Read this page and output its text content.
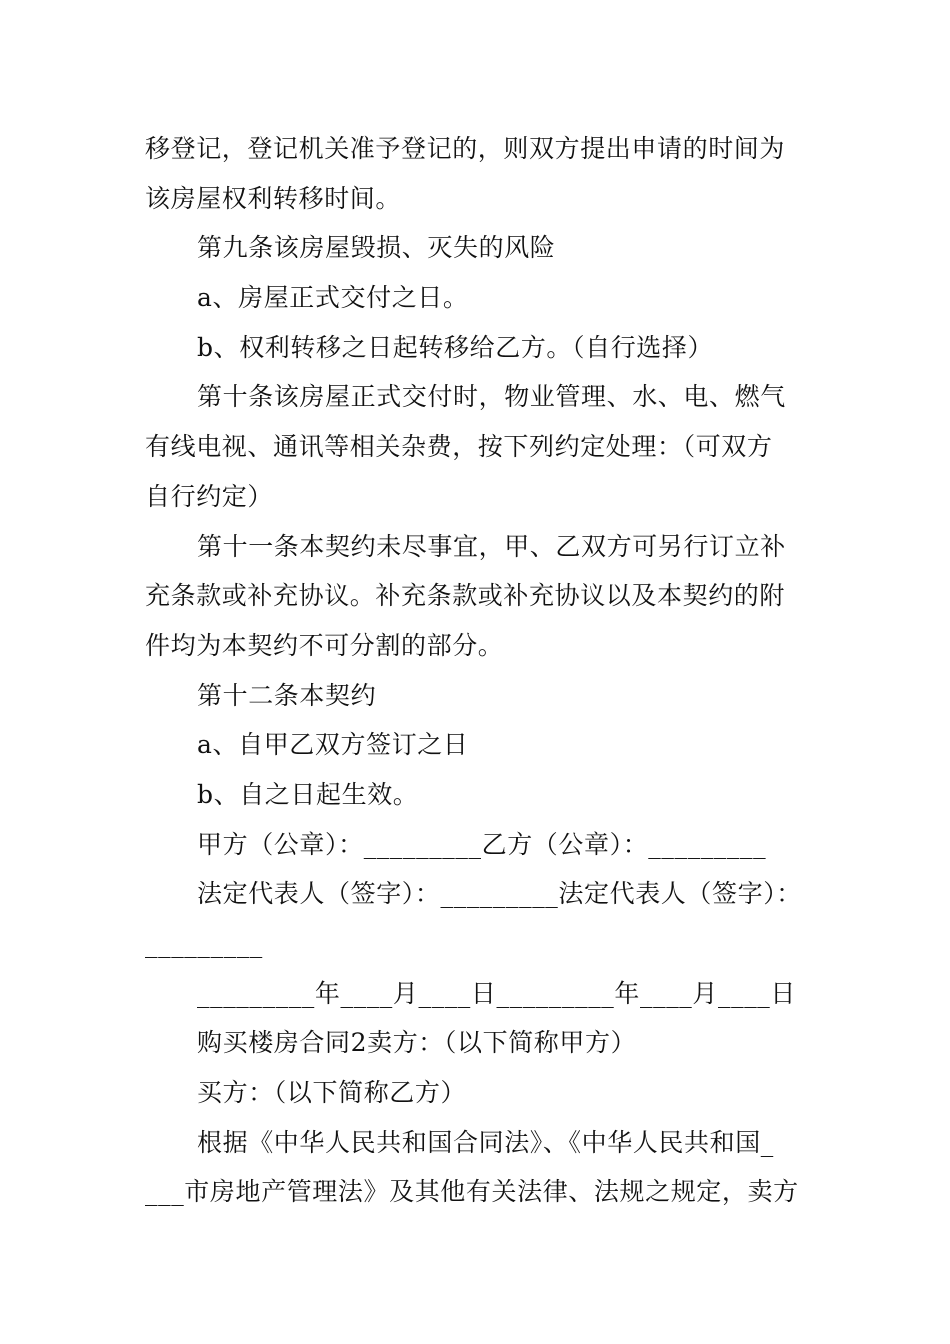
移登记，登记机关准予登记的，则双方提出申请的时间为
该房屋权利转移时间。
第九条该房屋毁损、灭失的风险
a、房屋正式交付之日。
b、权利转移之日起转移给乙方。（自行选择）
第十条该房屋正式交付时，物业管理、水、电、燃气
有线电视、通讯等相关杂费，按下列约定处理：（可双方
自行约定）
第十一条本契约未尽事宜，甲、乙双方可另行订立补
充条款或补充协议。补充条款或补充协议以及本契约的附
件均为本契约不可分割的部分。
第十二条本契约
a、自甲乙双方签订之日
b、自之日起生效。
甲方（公章）：_________乙方（公章）：_________
法定代表人（签字）：_________法定代表人（签字）：
_________
_________年____月____日_________年____月____日
购买楼房合同2卖方：（以下简称甲方）
买方：（以下简称乙方）
根据《中华人民共和国合同法》、《中华人民共和国_
___市房地产管理法》及其他有关法律、法规之规定，卖方
